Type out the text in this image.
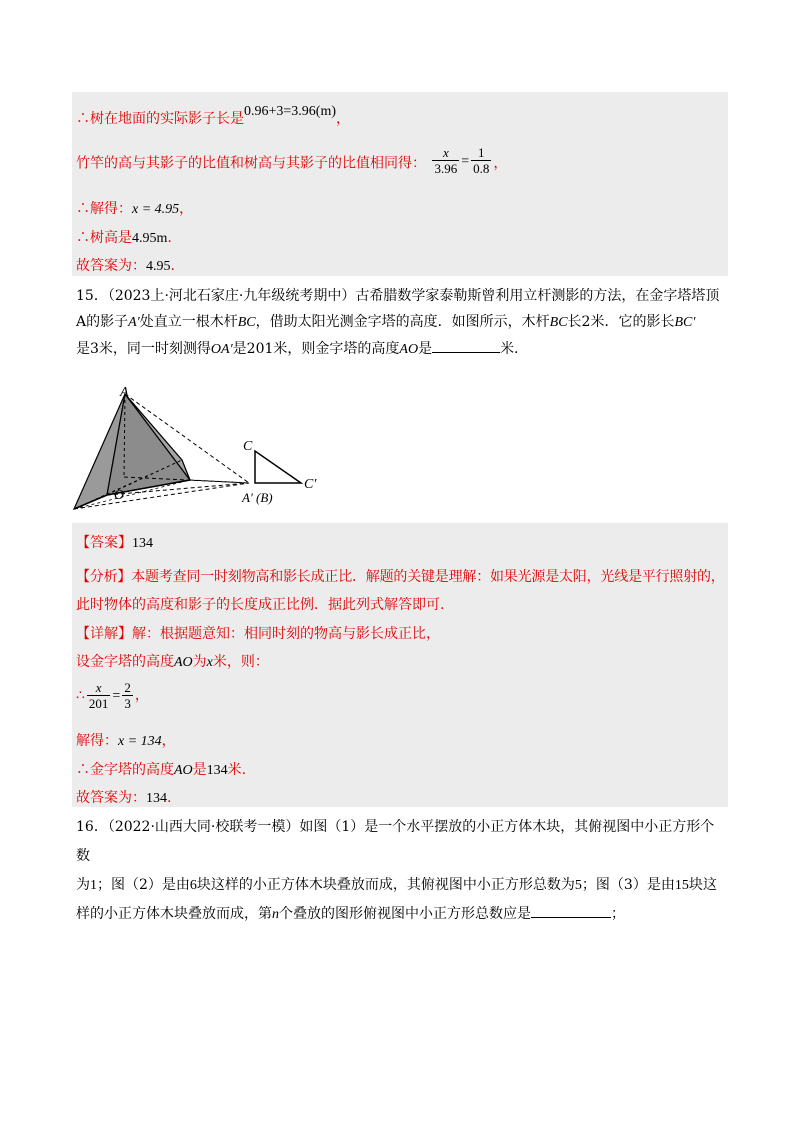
∴树在地面的实际影子长是0.96+3=3.96(m)，
竹竿的高与其影子的比值和树高与其影子的比值相同得： $\frac{x}{3.96} = \frac{1}{0.8}$ ，
∴解得：x = 4.95，
∴树高是4.95m.
故答案为：4.95.
15．（2023上·河北石家庄·九年级统考期中）古希腊数学家泰勒斯曾利用立杆测影的方法，在金字塔塔顶
A的影子A′处直立一根木杆BC，借助太阳光测金字塔的高度．如图所示，木杆BC长2米．它的影长BC′
是3米，同一时刻测得OA′是201米，则金字塔的高度AO是	米.
A
O
C
C′
A′ (B)
【答案】134
【分析】本题考查同一时刻物高和影长成正比．解题的关键是理解：如果光源是太阳，光线是平行照射的，
此时物体的高度和影子的长度成正比例．据此列式解答即可.
【详解】解：根据题意知：相同时刻的物高与影长成正比，
设金字塔的高度AO为x米，则：
∴ $\frac{x}{201} = \frac{2}{3}$ ，
解得：x = 134，
∴金字塔的高度AO是134米.
故答案为：134.
16．（2022·山西大同·校联考一模）如图（1）是一个水平摆放的小正方体木块，其俯视图中小正方形个数
为1；图（2）是由6块这样的小正方体木块叠放而成，其俯视图中小正方形总数为5；图（3）是由15块这
样的小正方体木块叠放而成，第n个叠放的图形俯视图中小正方形总数应是	；
